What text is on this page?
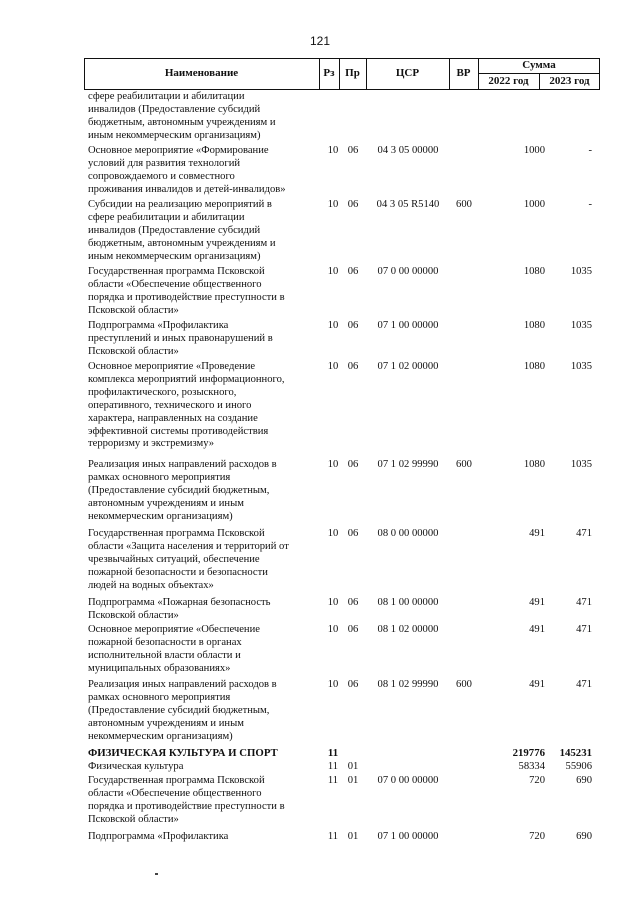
121
Наименование	Рз Пр	ЦСР	ВР
Сумма
2022 год	2023 год
сфере реабилитации и абилитации
инвалидов (Предоставление субсидий
бюджетным, автономным учреждениям и
иным некоммерческим организациям)
Основное мероприятие «Формирование
условий для развития технологий
сопровождаемого и совместного
проживания инвалидов и детей-инвалидов»
10 06	04 3 05 00000	1000	-
Субсидии на реализацию мероприятий в
сфере реабилитации и абилитации
инвалидов (Предоставление субсидий
бюджетным, автономным учреждениям и
иным некоммерческим организациям)
10 06	04 3 05 R5140	600	1000	-
Государственная программа Псковской
области «Обеспечение общественного
порядка и противодействие преступности в
Псковской области»
10 06	07 0 00 00000	1080	1035
Подпрограмма «Профилактика
преступлений и иных правонарушений в
Псковской области»
10 06	07 1 00 00000	1080	1035
Основное мероприятие «Проведение
комплекса мероприятий информационного,
профилактического, розыскного,
оперативного, технического и иного
характера, направленных на создание
эффективной системы противодействия
терроризму и экстремизму»
10 06	07 1 02 00000	1080	1035
Реализация иных направлений расходов в
рамках основного мероприятия
(Предоставление субсидий бюджетным,
автономным учреждениям и иным
некоммерческим организациям)
10 06	07 1 02 99990	600	1080	1035
Государственная программа Псковской
области «Защита населения и территорий от
чрезвычайных ситуаций, обеспечение
пожарной безопасности и безопасности
людей на водных объектах»
10 06	08 0 00 00000	491	471
Подпрограмма «Пожарная безопасность
Псковской области»
10 06	08 1 00 00000	491	471
Основное мероприятие «Обеспечение
пожарной безопасности в органах
исполнительной власти области и
муниципальных образованиях»
10 06	08 1 02 00000	491	471
Реализация иных направлений расходов в
рамках основного мероприятия
(Предоставление субсидий бюджетным,
автономным учреждениям и иным
некоммерческим организациям)
10 06	08 1 02 99990	600	491	471
ФИЗИЧЕСКАЯ КУЛЬТУРА И СПОРТ	11	219776	145231
Физическая культура	11 01	58334	55906
Государственная программа Псковской
области «Обеспечение общественного
порядка и противодействие преступности в
Псковской области»
11 01	07 0 00 00000	720	690
Подпрограмма «Профилактика	11 01	07 1 00 00000	720	690
